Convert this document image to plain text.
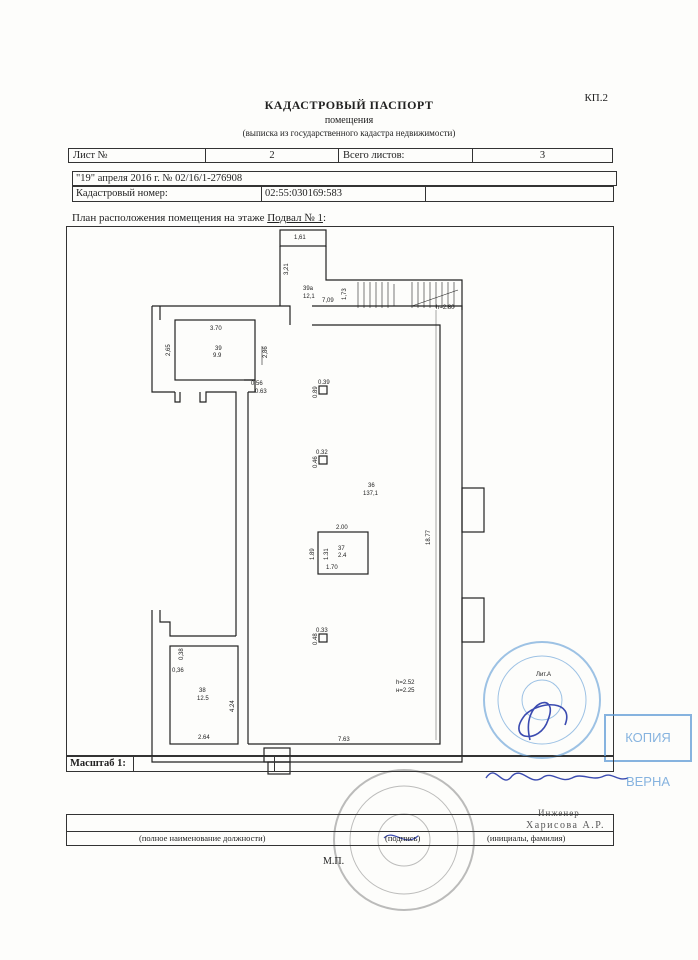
КП.2
КАДАСТРОВЫЙ ПАСПОРТ
помещения
(выписка из государственного кадастра недвижимости)
Лист №	2	Всего листов:	3
"19" апреля 2016 г. № 02/16/1-276908
Кадастровый номер:	02:55:030169:583
План расположения помещения на этаже Подвал № 1:
1,61
3,21
39а
12,1
7,09
1,73
h=2.80
3.70
39
9.9
2,65	2,86
0.56
0.63
0.39
0.89
0.32
0.46
36
137,1
18.77
2.00
37
2.4
1.89 1.31
1.70
0.33
0.48
0,38
0,36
38
12.5
4.24
2.64	7.63
h=2.52
н=2.25
Лит.А
КОПИЯ ВЕРНА
Масштаб 1:
Инженер
Харисова А.Р.
(полное наименование должности)	(подпись)	(инициалы, фамилия)
М.П.
